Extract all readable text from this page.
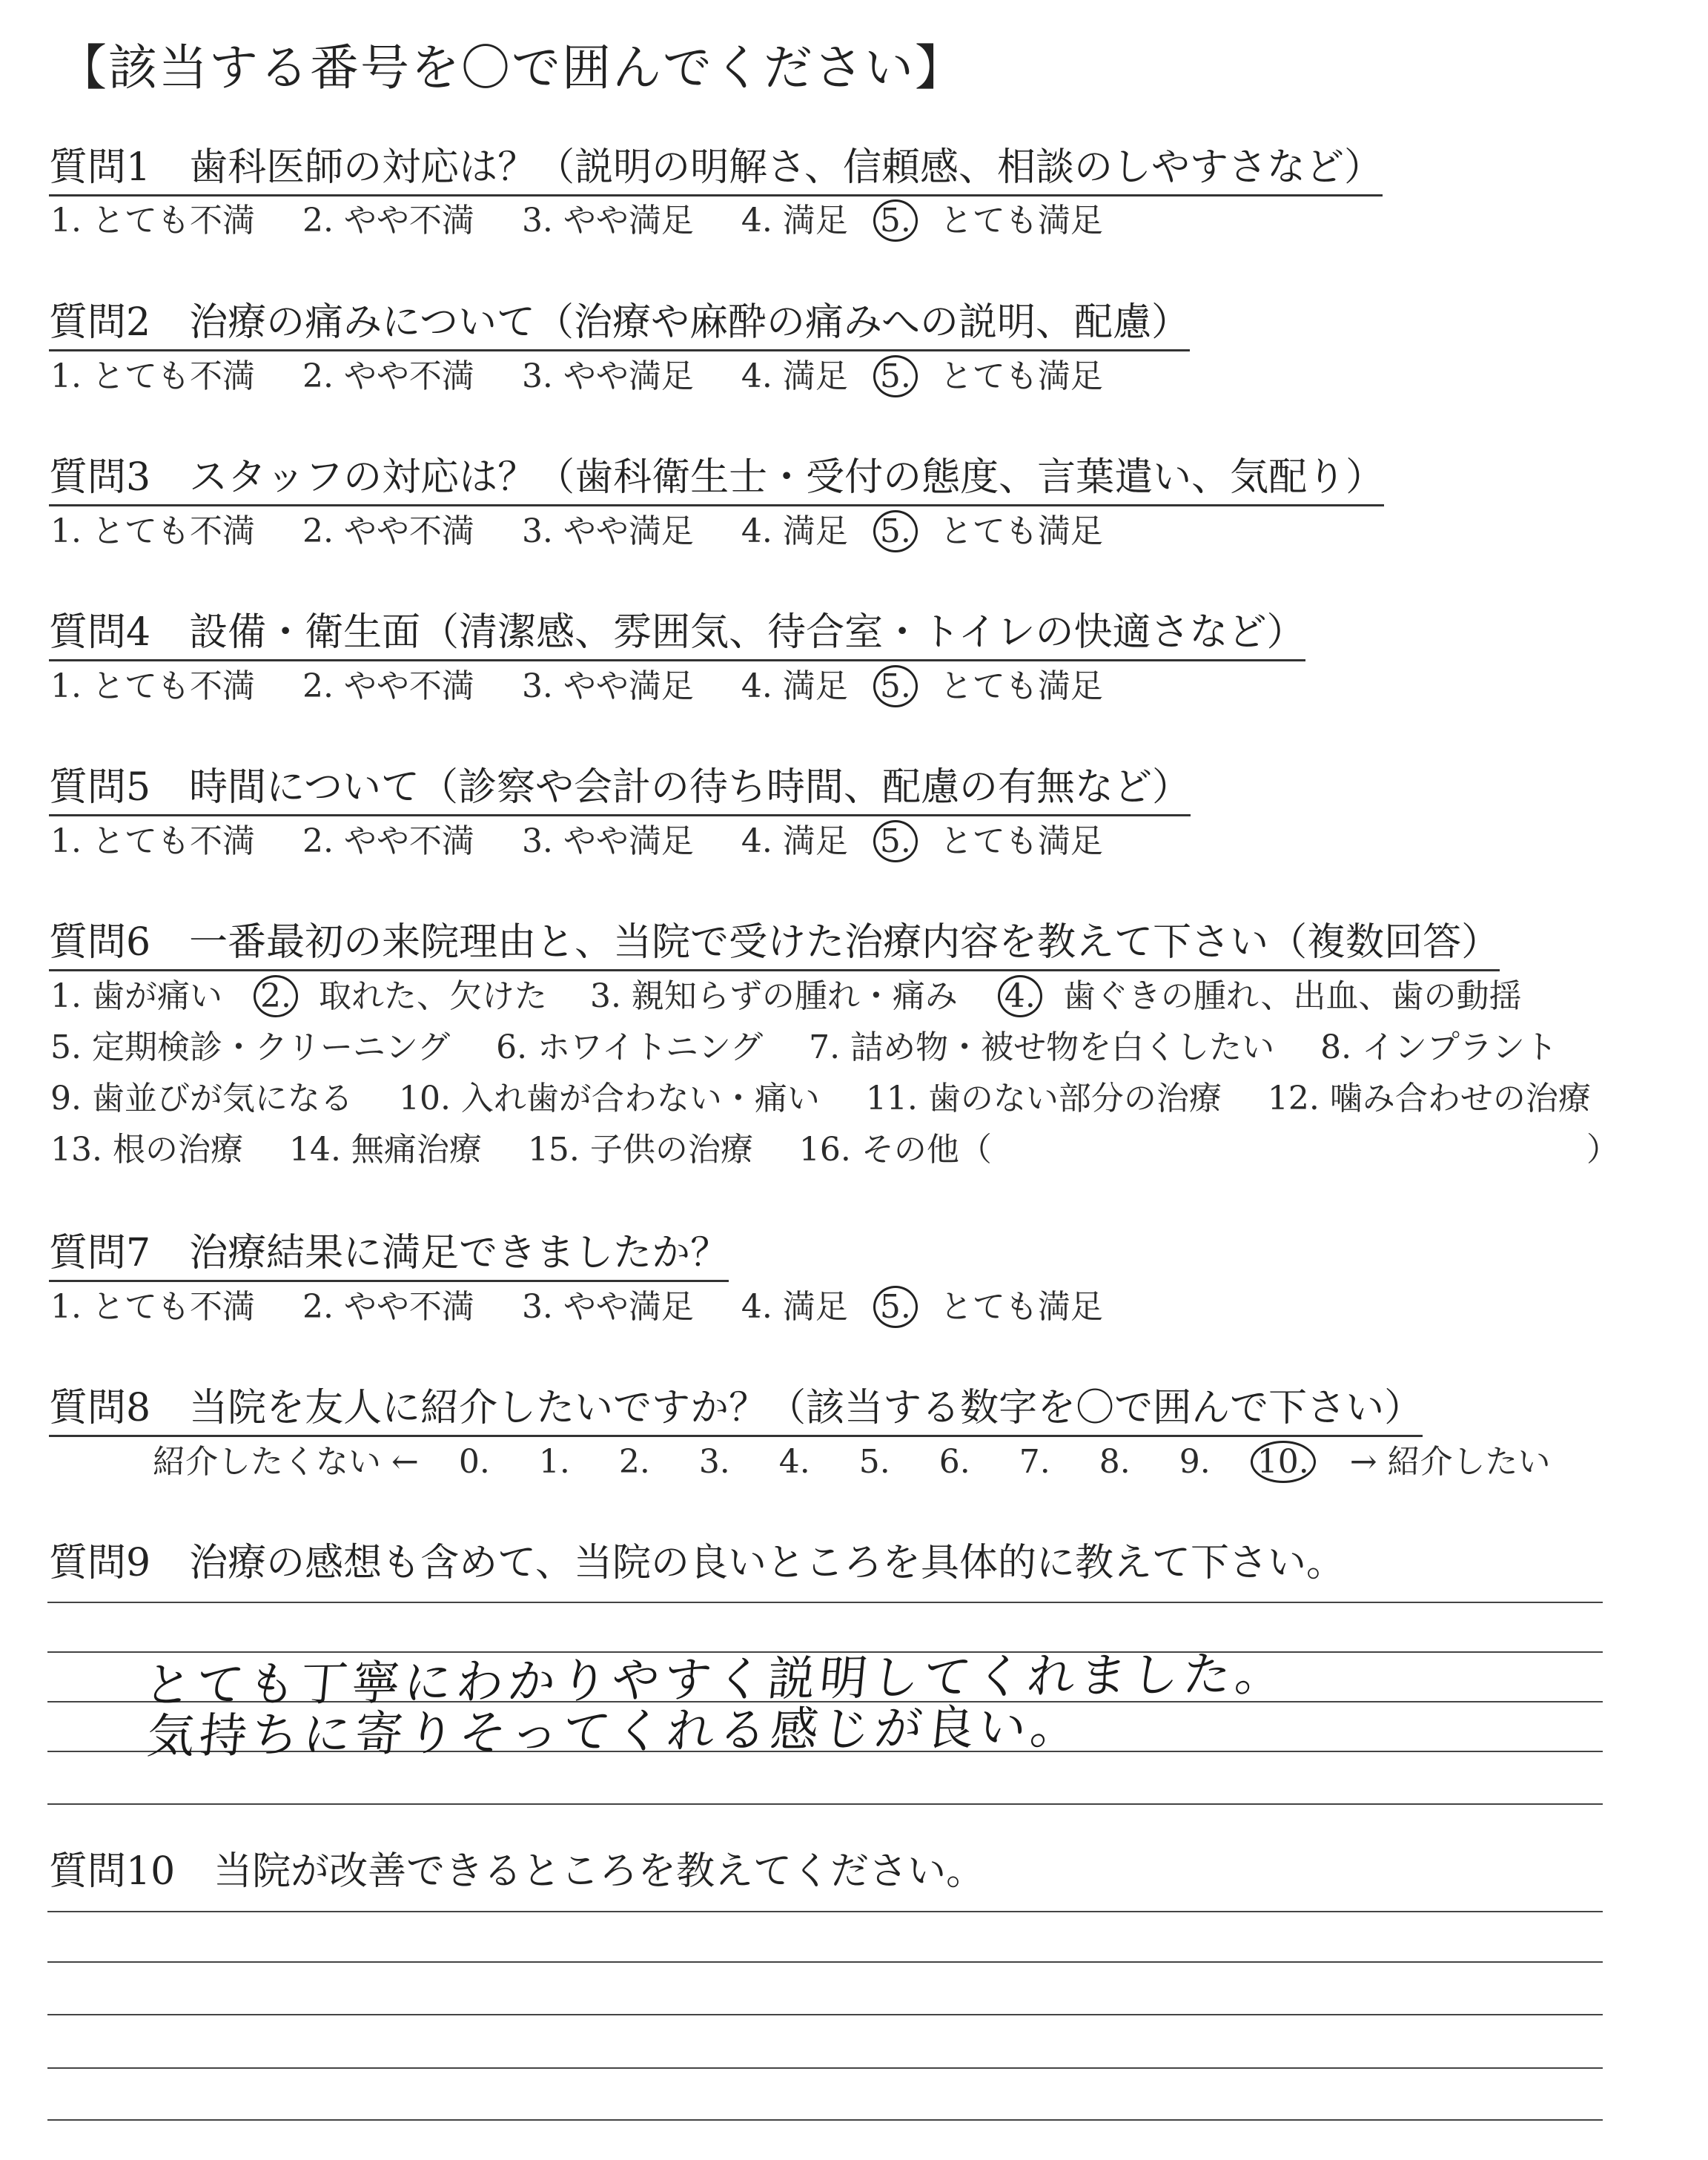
【該当する番号を〇で囲んでください】
質問1　歯科医師の対応は？（説明の明解さ、信頼感、相談のしやすさなど）
1. とても不満 2. やや不満 3. やや満足 4. 満足 5. とても満足
質問2　治療の痛みについて（治療や麻酔の痛みへの説明、配慮）
1. とても不満 2. やや不満 3. やや満足 4. 満足 5. とても満足
質問3　スタッフの対応は？（歯科衛生士・受付の態度、言葉遣い、気配り）
1. とても不満 2. やや不満 3. やや満足 4. 満足 5. とても満足
質問4　設備・衛生面（清潔感、雰囲気、待合室・トイレの快適さなど）
1. とても不満 2. やや不満 3. やや満足 4. 満足 5. とても満足
質問5　時間について（診察や会計の待ち時間、配慮の有無など）
1. とても不満 2. やや不満 3. やや満足 4. 満足 5. とても満足
質問6　一番最初の来院理由と、当院で受けた治療内容を教えて下さい（複数回答）
1. 歯が痛い 2. 取れた、欠けた 3. 親知らずの腫れ・痛み 4. 歯ぐきの腫れ、出血、歯の動揺
5. 定期検診・クリーニング 6. ホワイトニング 7. 詰め物・被せ物を白くしたい 8. インプラント
9. 歯並びが気になる 10. 入れ歯が合わない・痛い 11. 歯のない部分の治療 12. 噛み合わせの治療
13. 根の治療 14. 無痛治療 15. 子供の治療 16. その他（	）
質問7　治療結果に満足できましたか？
1. とても不満 2. やや不満 3. やや満足 4. 満足 5. とても満足
質問8　当院を友人に紹介したいですか？（該当する数字を〇で囲んで下さい）
紹介したくない ← 0. 1. 2. 3. 4. 5. 6. 7. 8. 9. 10. → 紹介したい
質問9　治療の感想も含めて、当院の良いところを具体的に教えて下さい。
とても丁寧にわかりやすく説明してくれました。
気持ちに寄りそってくれる感じが良い。
質問10　当院が改善できるところを教えてください。
